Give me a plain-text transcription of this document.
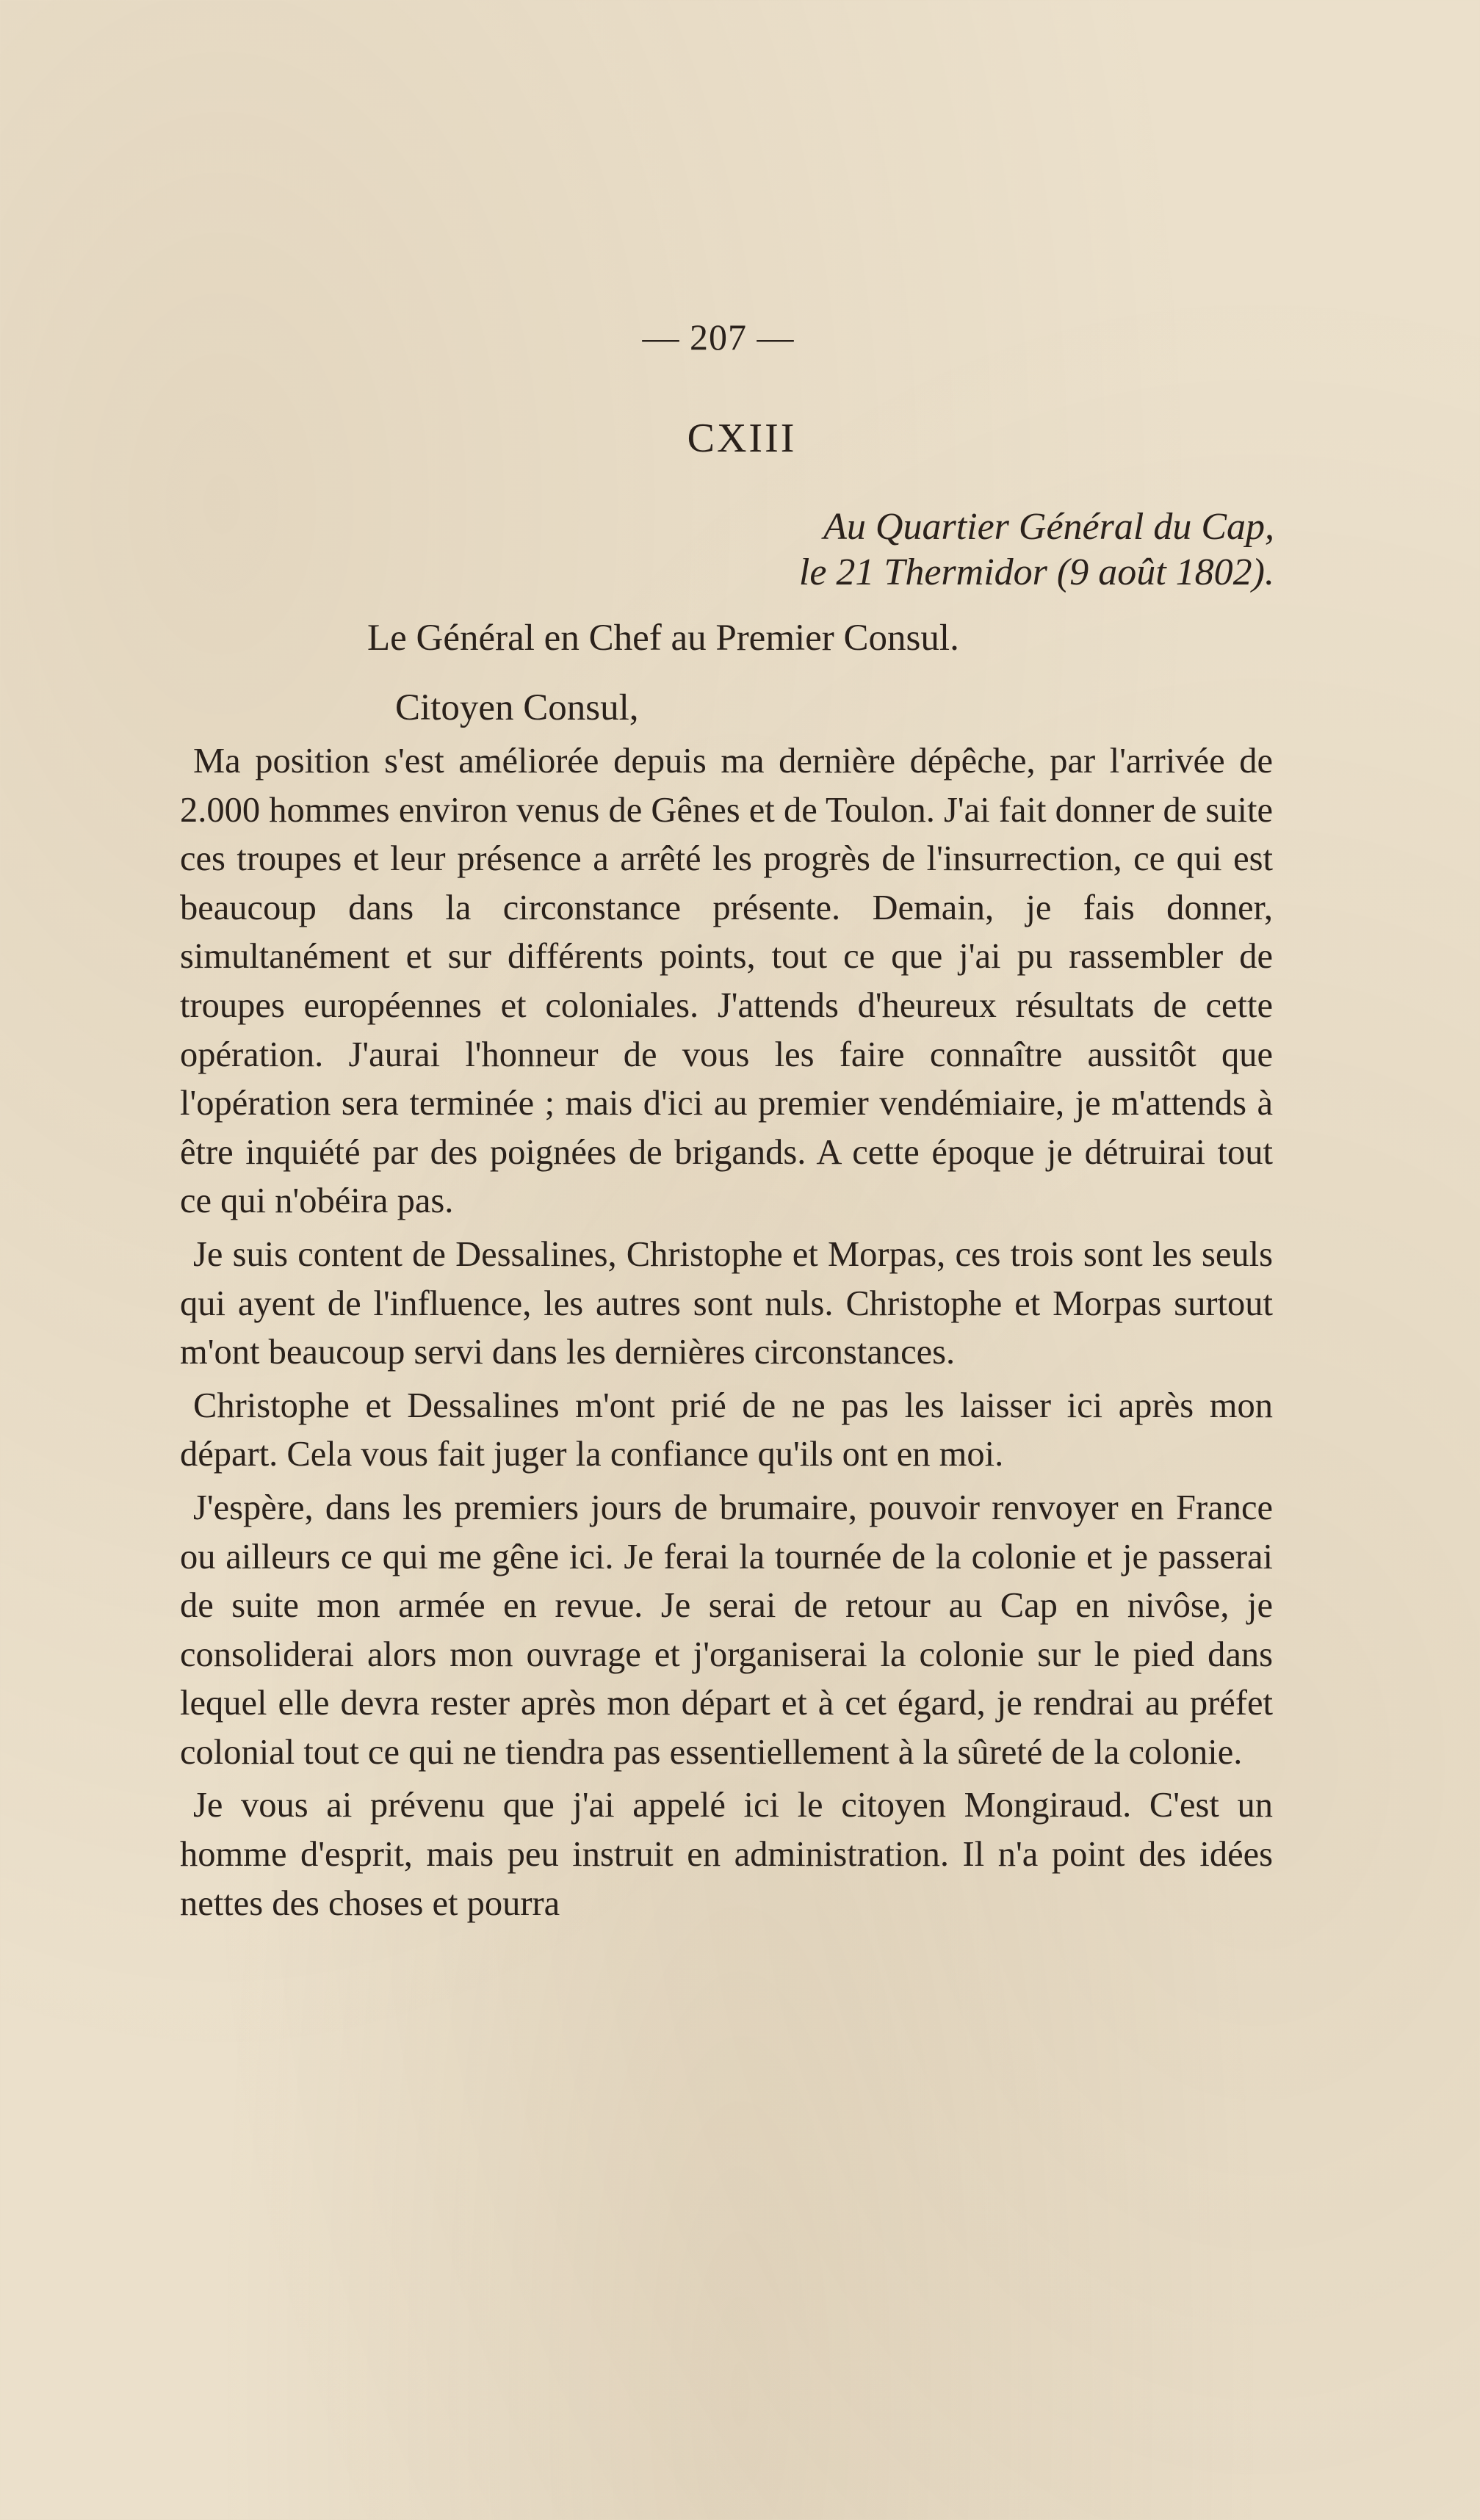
— 207 —
CXIII
Au Quartier Général du Cap,
le 21 Thermidor (9 août 1802).
Le Général en Chef au Premier Consul.
Citoyen Consul,

Ma position s'est améliorée depuis ma dernière dépêche, par l'arrivée de 2.000 hommes environ venus de Gênes et de Toulon. J'ai fait donner de suite ces troupes et leur présence a arrêté les progrès de l'insurrection, ce qui est beaucoup dans la circonstance présente. Demain, je fais donner, simultanément et sur différents points, tout ce que j'ai pu rassembler de troupes européennes et coloniales. J'attends d'heureux résultats de cette opération. J'aurai l'honneur de vous les faire connaître aussitôt que l'opération sera terminée ; mais d'ici au premier vendémiaire, je m'attends à être inquiété par des poignées de brigands. A cette époque je détruirai tout ce qui n'obéira pas.

Je suis content de Dessalines, Christophe et Morpas, ces trois sont les seuls qui ayent de l'influence, les autres sont nuls. Christophe et Morpas surtout m'ont beaucoup servi dans les dernières circonstances.

Christophe et Dessalines m'ont prié de ne pas les laisser ici après mon départ. Cela vous fait juger la confiance qu'ils ont en moi.

J'espère, dans les premiers jours de brumaire, pouvoir renvoyer en France ou ailleurs ce qui me gêne ici. Je ferai la tournée de la colonie et je passerai de suite mon armée en revue. Je serai de retour au Cap en nivôse, je consoliderai alors mon ouvrage et j'organiserai la colonie sur le pied dans lequel elle devra rester après mon départ et à cet égard, je rendrai au préfet colonial tout ce qui ne tiendra pas essentiellement à la sûreté de la colonie.

Je vous ai prévenu que j'ai appelé ici le citoyen Mongiraud. C'est un homme d'esprit, mais peu instruit en administration. Il n'a point des idées nettes des choses et pourra
